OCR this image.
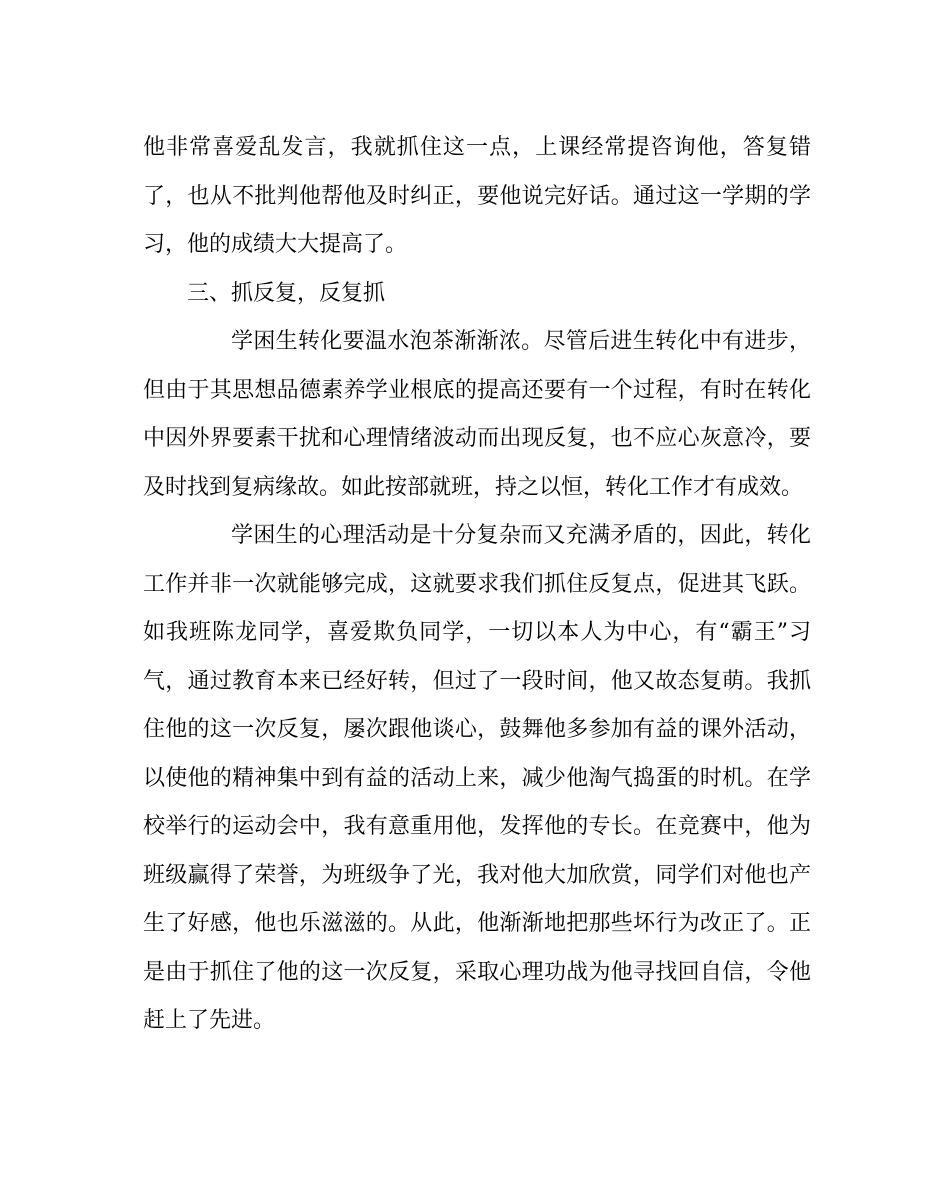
他非常喜爱乱发言，我就抓住这一点，上课经常提咨询他，答复错了，也从不批判他帮他及时纠正，要他说完好话。通过这一学期的学习，他的成绩大大提高了。

三、抓反复，反复抓

学困生转化要温水泡茶渐渐浓。尽管后进生转化中有进步，但由于其思想品德素养学业根底的提高还要有一个过程，有时在转化中因外界要素干扰和心理情绪波动而出现反复，也不应心灰意冷，要及时找到复病缘故。如此按部就班，持之以恒，转化工作才有成效。

学困生的心理活动是十分复杂而又充满矛盾的，因此，转化工作并非一次就能够完成，这就要求我们抓住反复点，促进其飞跃。如我班陈龙同学，喜爱欺负同学，一切以本人为中心，有“霸王”习气，通过教育本来已经好转，但过了一段时间，他又故态复萌。我抓住他的这一次反复，屡次跟他谈心，鼓舞他多参加有益的课外活动，以使他的精神集中到有益的活动上来，减少他淘气捣蛋的时机。在学校举行的运动会中，我有意重用他，发挥他的专长。在竞赛中，他为班级赢得了荣誉，为班级争了光，我对他大加欣赏，同学们对他也产生了好感，他也乐滋滋的。从此，他渐渐地把那些坏行为改正了。正是由于抓住了他的这一次反复，采取心理功战为他寻找回自信，令他赶上了先进。
